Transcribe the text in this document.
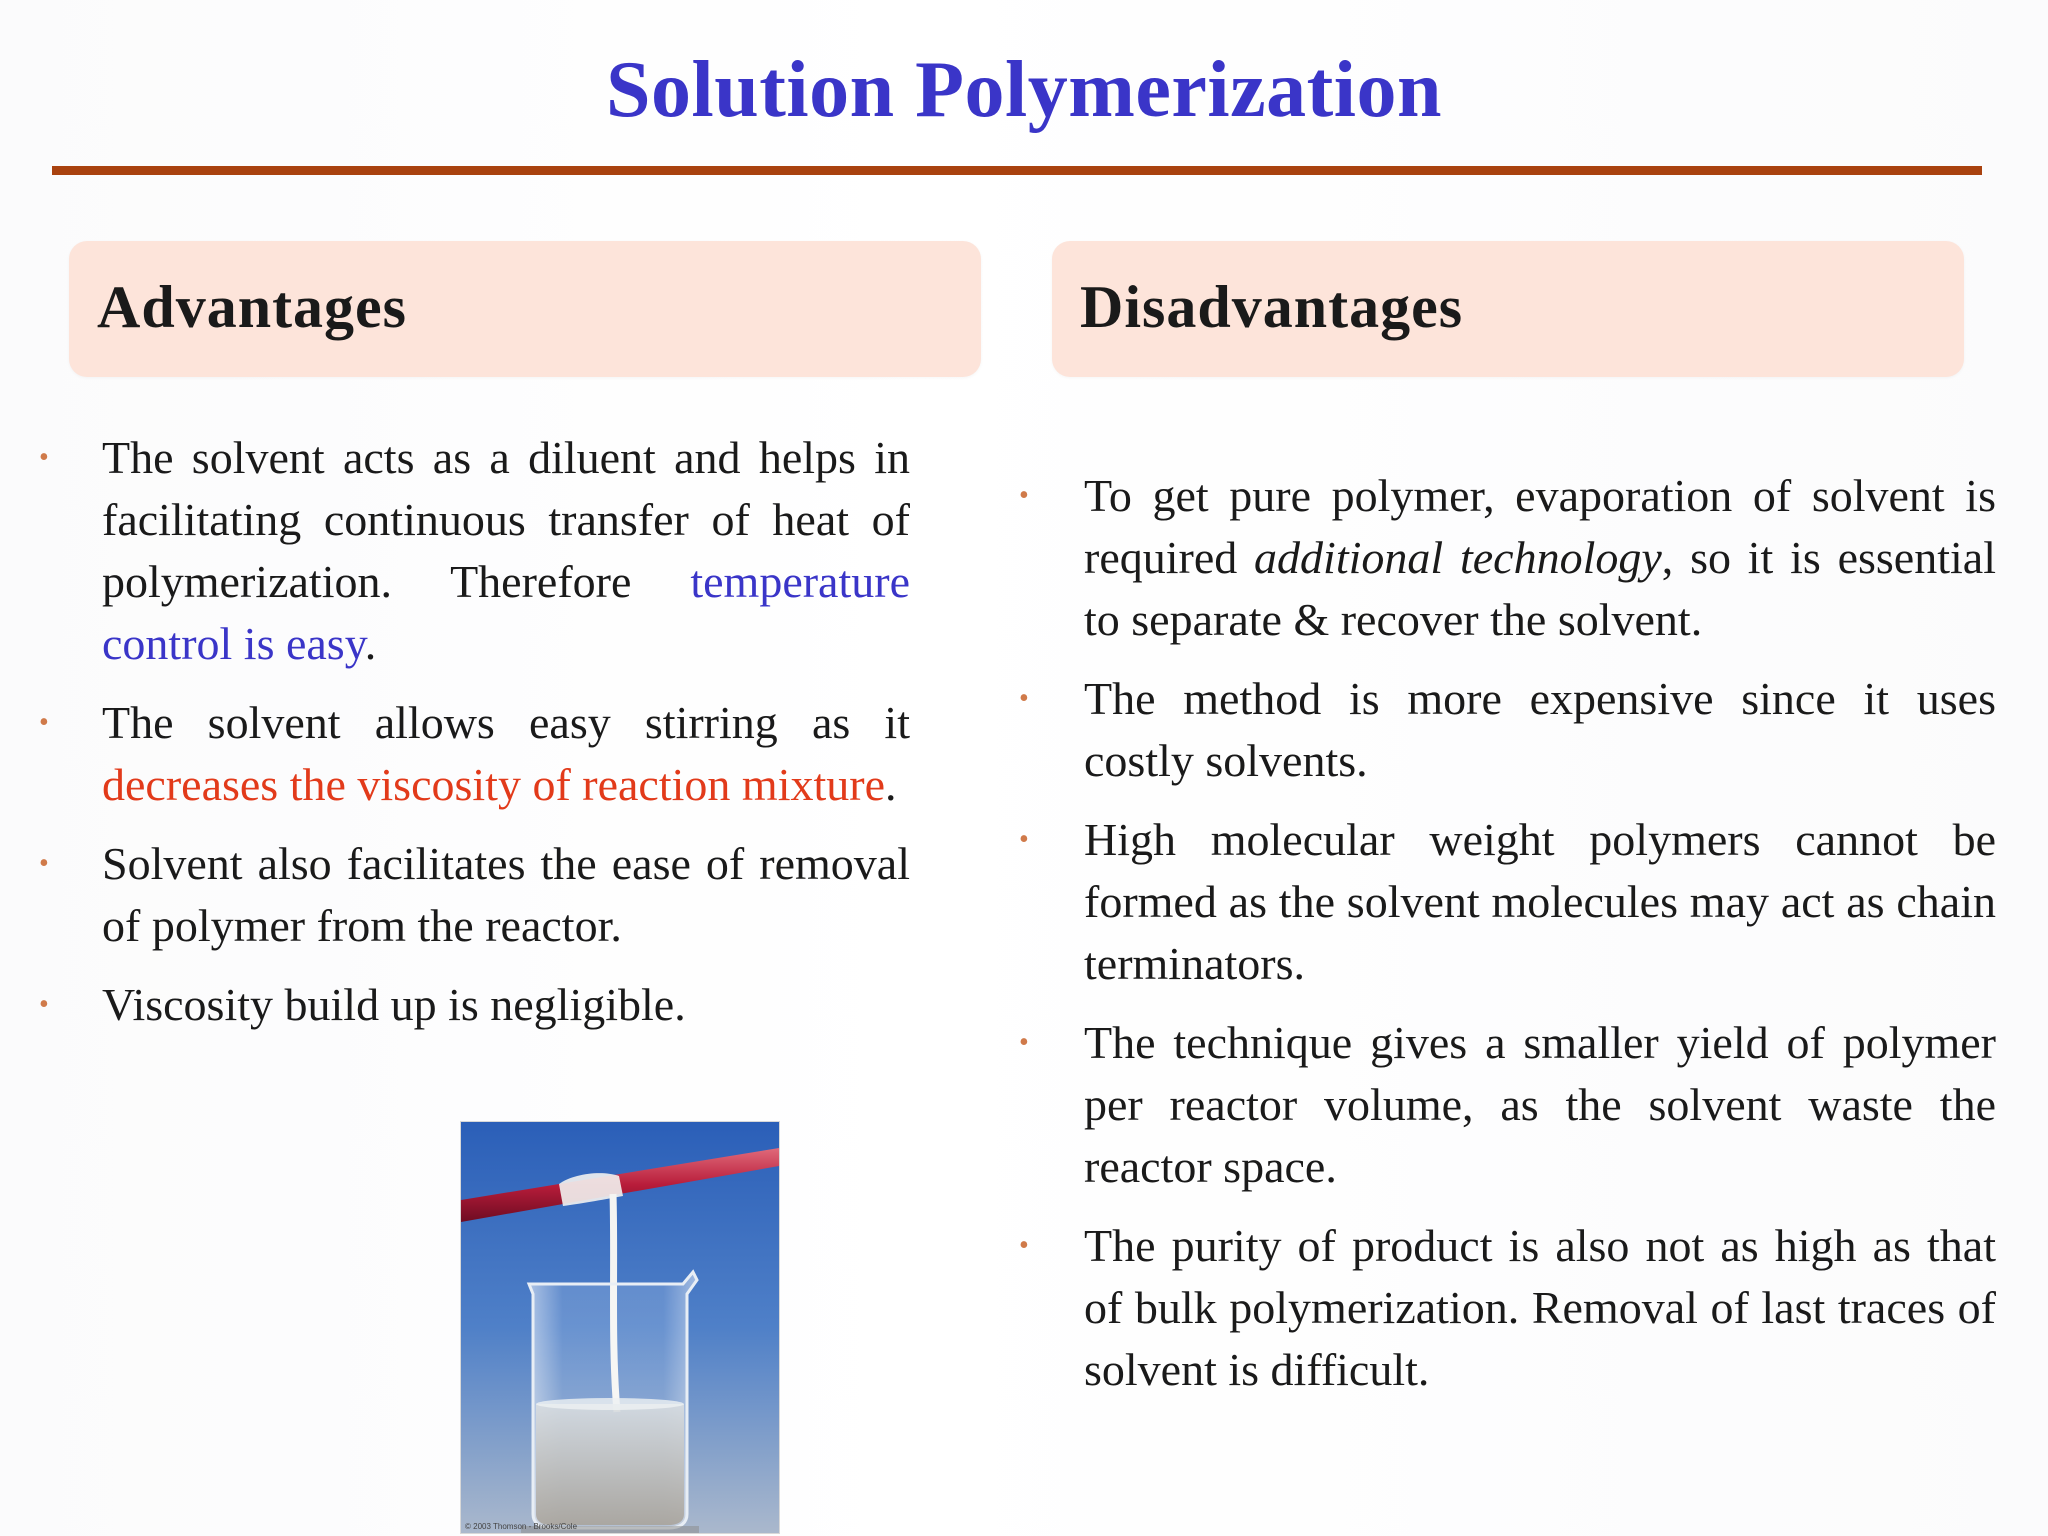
Solution Polymerization
Advantages	Disadvantages
• The solvent acts as a diluent and helps in facilitating continuous transfer of heat of polymerization. Therefore temperature control is easy.
• The solvent allows easy stirring as it decreases the viscosity of reaction mixture.
• Solvent also facilitates the ease of removal of polymer from the reactor.
• Viscosity build up is negligible.
• To get pure polymer, evaporation of solvent is required additional technology, so it is essential to separate & recover the solvent.
• The method is more expensive since it uses costly solvents.
• High molecular weight polymers cannot be formed as the solvent molecules may act as chain terminators.
• The technique gives a smaller yield of polymer per reactor volume, as the solvent waste the reactor space.
• The purity of product is also not as high as that of bulk polymerization. Removal of last traces of solvent is difficult.
© 2003 Thomson - Brooks/Cole
